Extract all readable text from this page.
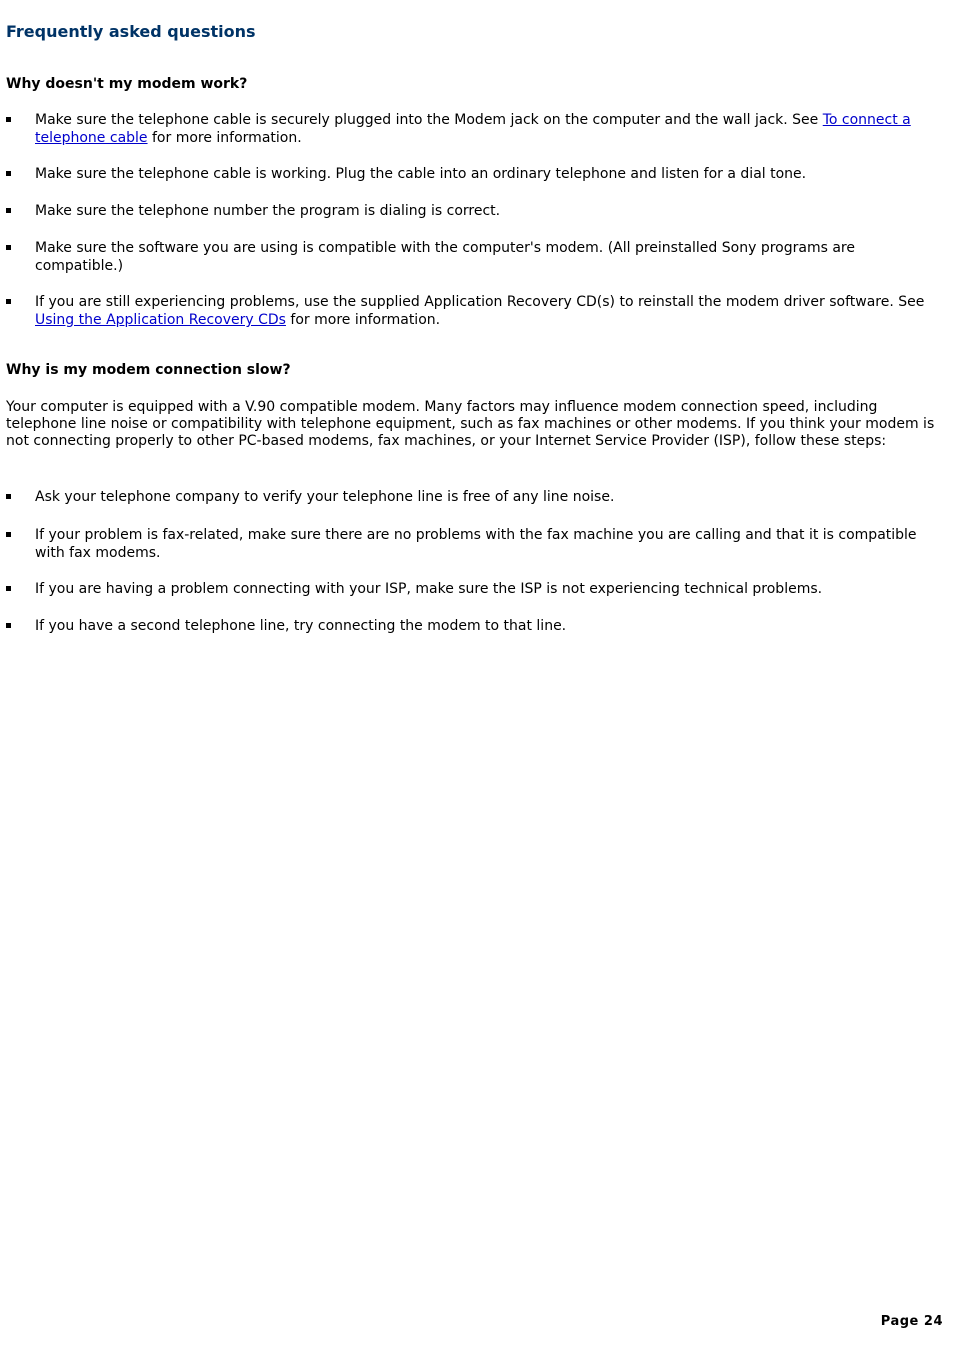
Frequently asked questions
Why doesn't my modem work?
Make sure the telephone cable is securely plugged into the Modem jack on the computer and the wall jack. See To connect a telephone cable for more information.
Make sure the telephone cable is working. Plug the cable into an ordinary telephone and listen for a dial tone.
Make sure the telephone number the program is dialing is correct.
Make sure the software you are using is compatible with the computer's modem. (All preinstalled Sony programs are compatible.)
If you are still experiencing problems, use the supplied Application Recovery CD(s) to reinstall the modem driver software. See Using the Application Recovery CDs for more information.
Why is my modem connection slow?

Your computer is equipped with a V.90 compatible modem. Many factors may influence modem connection speed, including telephone line noise or compatibility with telephone equipment, such as fax machines or other modems. If you think your modem is not connecting properly to other PC-based modems, fax machines, or your Internet Service Provider (ISP), follow these steps:

Ask your telephone company to verify your telephone line is free of any line noise.
If your problem is fax-related, make sure there are no problems with the fax machine you are calling and that it is compatible with fax modems.
If you are having a problem connecting with your ISP, make sure the ISP is not experiencing technical problems.
If you have a second telephone line, try connecting the modem to that line.
Page 24
